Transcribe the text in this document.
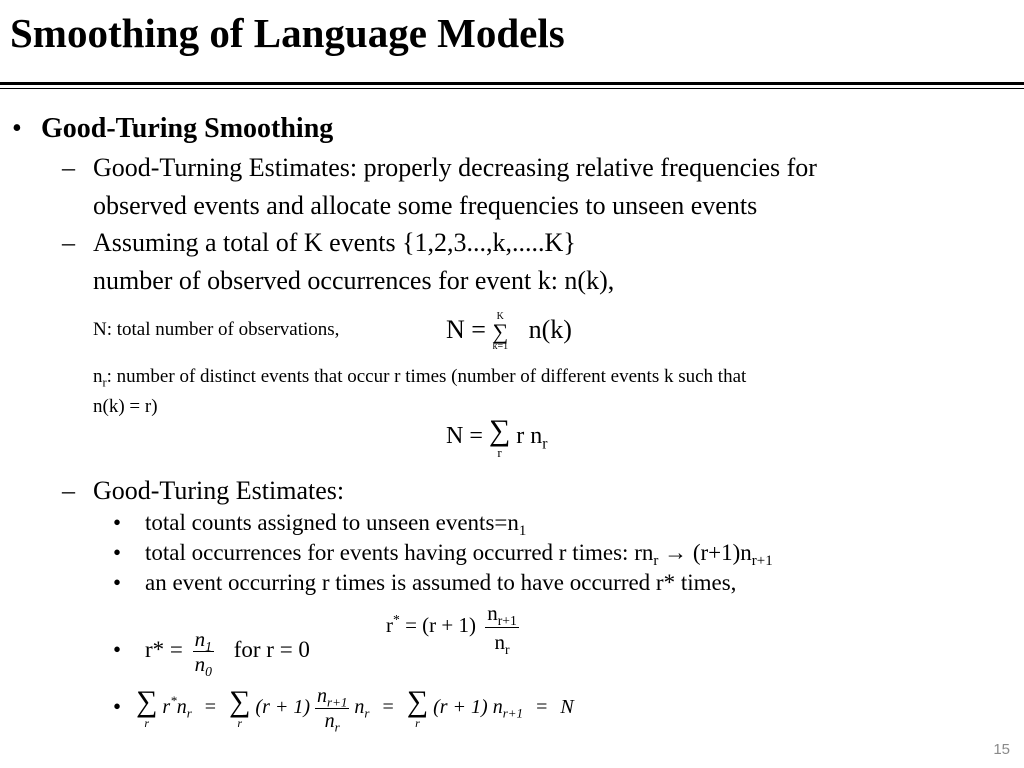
Smoothing of Language Models
• Good-Turing Smoothing
– Good-Turning Estimates: properly decreasing relative frequencies for
observed events and allocate some frequencies to unseen events
– Assuming a total of K events {1,2,3...,k,.....K}
number of observed occurrences for event k: n(k),
N: total number of observations,	N =	K
∑
k=1
n(k)
$n_r$: number of distinct events that occur r times (number of different events k such that
n(k) = r)
N = ∑
r
r $n_r$
– Good-Turing Estimates:
• total counts assigned to unseen $events=n_1$
• total occurrences for events having occurred r times: $rn_r \to (r+1)n_{r+1}$
• an event occurring r times is assumed to have occurred r* times,
$r^* = (r + 1) \frac{n_{r+1}}{n_r}$
• $r* = \frac{n_1}{n_0}$ for r = 0
• ∑
r
$r^*n_r$ = ∑
r
$(r + 1) \frac{n_{r+1}}{n_r} n_r$ = ∑
r
(r + 1) $n_{r+1} = N$
15
